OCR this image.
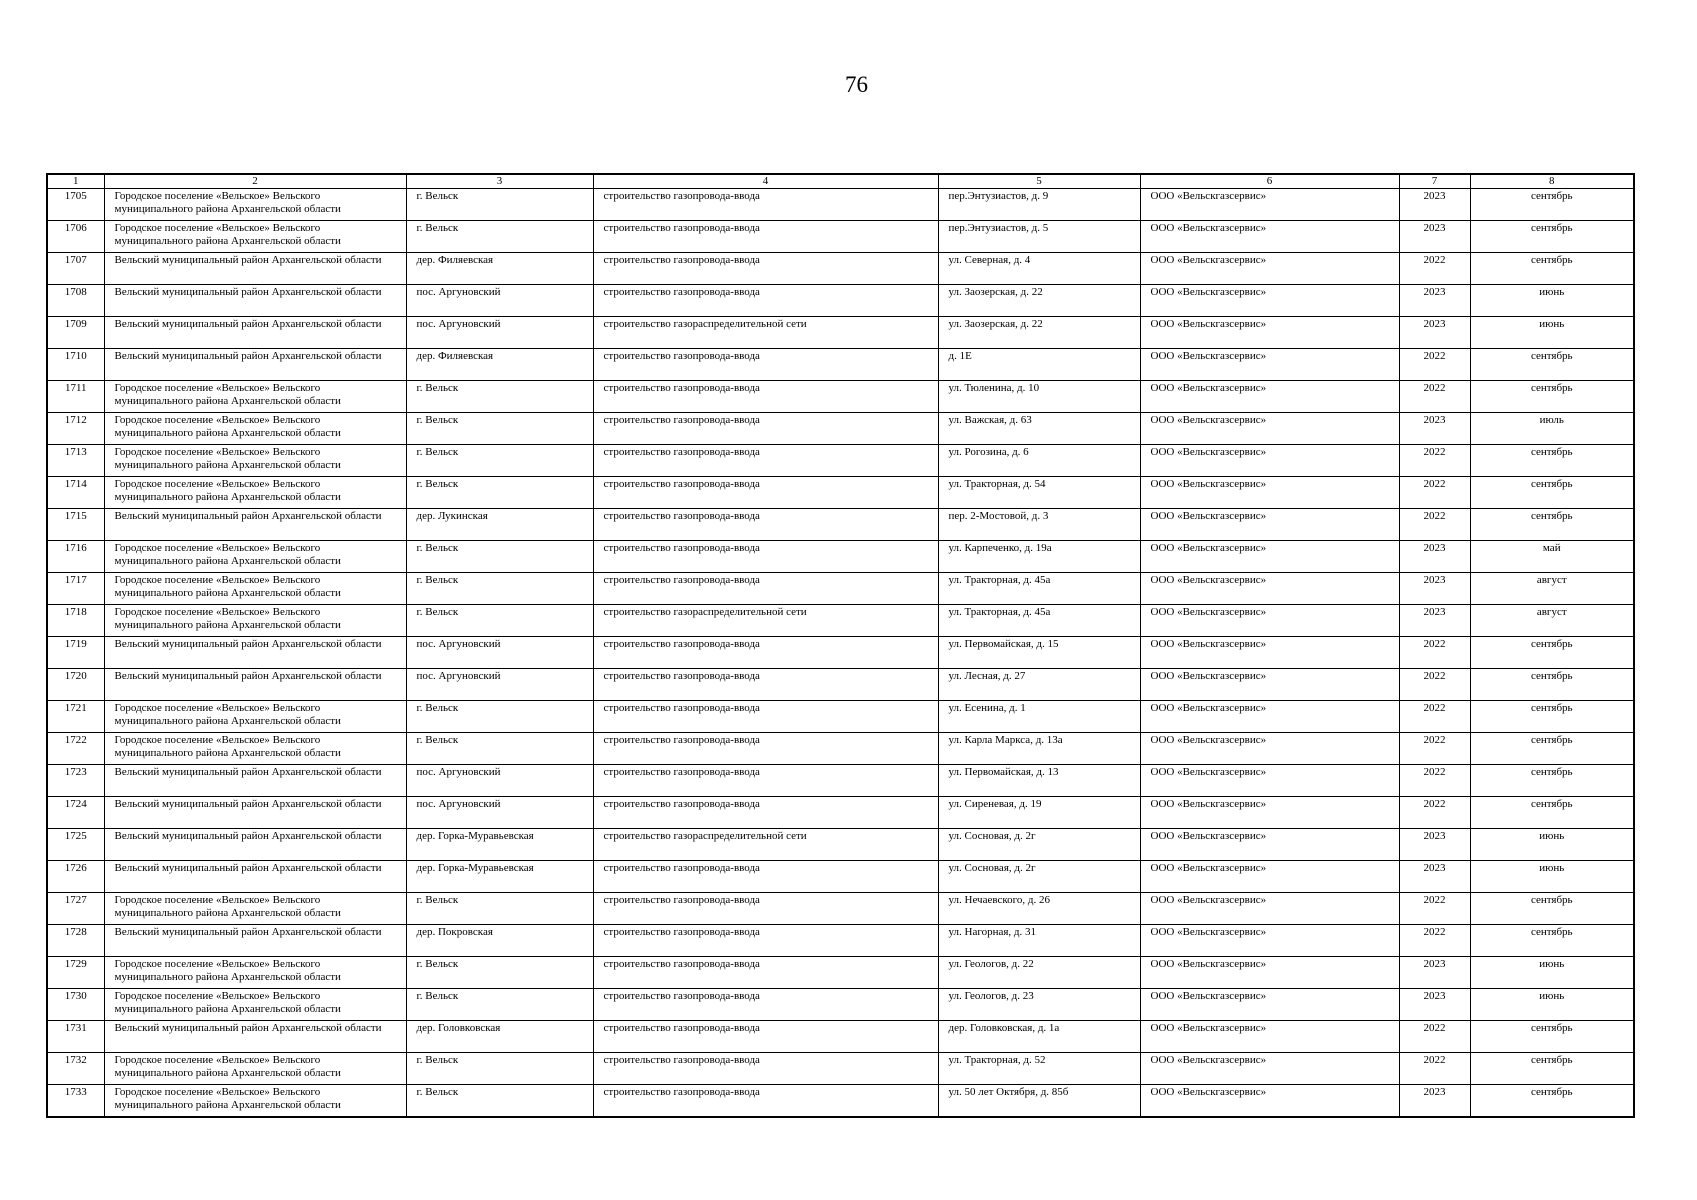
76
1	2	3	4	5	6	7	8
1705	Городское поселение «Вельское» Вельского муниципального района Архангельской области	г. Вельск	строительство газопровода-ввода	пер.Энтузиастов, д. 9	ООО «Вельскгазсервис»	2023	сентябрь
1706	Городское поселение «Вельское» Вельского муниципального района Архангельской области	г. Вельск	строительство газопровода-ввода	пер.Энтузиастов, д. 5	ООО «Вельскгазсервис»	2023	сентябрь
1707	Вельский муниципальный район Архангельской области	дер. Филяевская	строительство газопровода-ввода	ул. Северная, д. 4	ООО «Вельскгазсервис»	2022	сентябрь
1708	Вельский муниципальный район Архангельской области	пос. Аргуновский	строительство газопровода-ввода	ул. Заозерская, д. 22	ООО «Вельскгазсервис»	2023	июнь
1709	Вельский муниципальный район Архангельской области	пос. Аргуновский	строительство газораспределительной сети	ул. Заозерская, д. 22	ООО «Вельскгазсервис»	2023	июнь
1710	Вельский муниципальный район Архангельской области	дер. Филяевская	строительство газопровода-ввода	д. 1Е	ООО «Вельскгазсервис»	2022	сентябрь
1711	Городское поселение «Вельское» Вельского муниципального района Архангельской области	г. Вельск	строительство газопровода-ввода	ул. Тюленина, д. 10	ООО «Вельскгазсервис»	2022	сентябрь
1712	Городское поселение «Вельское» Вельского муниципального района Архангельской области	г. Вельск	строительство газопровода-ввода	ул. Важская, д. 63	ООО «Вельскгазсервис»	2023	июль
1713	Городское поселение «Вельское» Вельского муниципального района Архангельской области	г. Вельск	строительство газопровода-ввода	ул. Рогозина, д. 6	ООО «Вельскгазсервис»	2022	сентябрь
1714	Городское поселение «Вельское» Вельского муниципального района Архангельской области	г. Вельск	строительство газопровода-ввода	ул. Тракторная, д. 54	ООО «Вельскгазсервис»	2022	сентябрь
1715	Вельский муниципальный район Архангельской области	дер. Лукинская	строительство газопровода-ввода	пер. 2-Мостовой, д. 3	ООО «Вельскгазсервис»	2022	сентябрь
1716	Городское поселение «Вельское» Вельского муниципального района Архангельской области	г. Вельск	строительство газопровода-ввода	ул. Карпеченко, д. 19а	ООО «Вельскгазсервис»	2023	май
1717	Городское поселение «Вельское» Вельского муниципального района Архангельской области	г. Вельск	строительство газопровода-ввода	ул. Тракторная, д. 45а	ООО «Вельскгазсервис»	2023	август
1718	Городское поселение «Вельское» Вельского муниципального района Архангельской области	г. Вельск	строительство газораспределительной сети	ул. Тракторная, д. 45а	ООО «Вельскгазсервис»	2023	август
1719	Вельский муниципальный район Архангельской области	пос. Аргуновский	строительство газопровода-ввода	ул. Первомайская, д. 15	ООО «Вельскгазсервис»	2022	сентябрь
1720	Вельский муниципальный район Архангельской области	пос. Аргуновский	строительство газопровода-ввода	ул. Лесная, д. 27	ООО «Вельскгазсервис»	2022	сентябрь
1721	Городское поселение «Вельское» Вельского муниципального района Архангельской области	г. Вельск	строительство газопровода-ввода	ул. Есенина, д. 1	ООО «Вельскгазсервис»	2022	сентябрь
1722	Городское поселение «Вельское» Вельского муниципального района Архангельской области	г. Вельск	строительство газопровода-ввода	ул. Карла Маркса, д. 13а	ООО «Вельскгазсервис»	2022	сентябрь
1723	Вельский муниципальный район Архангельской области	пос. Аргуновский	строительство газопровода-ввода	ул. Первомайская, д. 13	ООО «Вельскгазсервис»	2022	сентябрь
1724	Вельский муниципальный район Архангельской области	пос. Аргуновский	строительство газопровода-ввода	ул. Сиреневая, д. 19	ООО «Вельскгазсервис»	2022	сентябрь
1725	Вельский муниципальный район Архангельской области	дер. Горка-Муравьевская	строительство газораспределительной сети	ул. Сосновая, д. 2г	ООО «Вельскгазсервис»	2023	июнь
1726	Вельский муниципальный район Архангельской области	дер. Горка-Муравьевская	строительство газопровода-ввода	ул. Сосновая, д. 2г	ООО «Вельскгазсервис»	2023	июнь
1727	Городское поселение «Вельское» Вельского муниципального района Архангельской области	г. Вельск	строительство газопровода-ввода	ул. Нечаевского, д. 26	ООО «Вельскгазсервис»	2022	сентябрь
1728	Вельский муниципальный район Архангельской области	дер. Покровская	строительство газопровода-ввода	ул. Нагорная, д. 31	ООО «Вельскгазсервис»	2022	сентябрь
1729	Городское поселение «Вельское» Вельского муниципального района Архангельской области	г. Вельск	строительство газопровода-ввода	ул. Геологов, д. 22	ООО «Вельскгазсервис»	2023	июнь
1730	Городское поселение «Вельское» Вельского муниципального района Архангельской области	г. Вельск	строительство газопровода-ввода	ул. Геологов, д. 23	ООО «Вельскгазсервис»	2023	июнь
1731	Вельский муниципальный район Архангельской области	дер. Головковская	строительство газопровода-ввода	дер. Головковская, д. 1а	ООО «Вельскгазсервис»	2022	сентябрь
1732	Городское поселение «Вельское» Вельского муниципального района Архангельской области	г. Вельск	строительство газопровода-ввода	ул. Тракторная, д. 52	ООО «Вельскгазсервис»	2022	сентябрь
1733	Городское поселение «Вельское» Вельского муниципального района Архангельской области	г. Вельск	строительство газопровода-ввода	ул. 50 лет Октября, д. 85б	ООО «Вельскгазсервис»	2023	сентябрь
